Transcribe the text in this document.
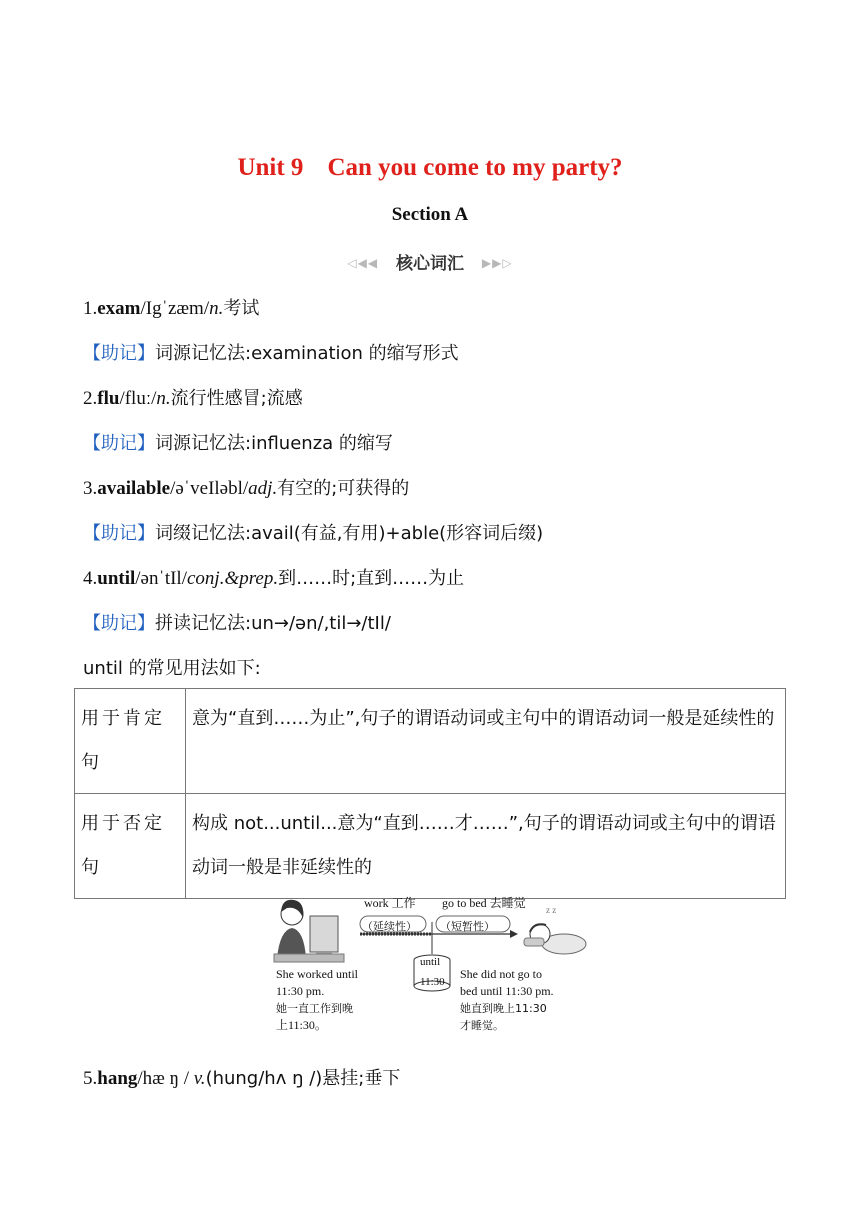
Unit 9 Can you come to my party?
Section A
◁◀◀ 核心词汇 ▶▶▷
1.exam/Igˈzæm/n.考试
【助记】词源记忆法:examination 的缩写形式
2.flu/fluː/n.流行性感冒;流感
【助记】词源记忆法:influenza 的缩写
3.available/əˈveIləbl/adj.有空的;可获得的
【助记】词缀记忆法:avail(有益,有用)+able(形容词后缀)
4.until/ənˈtIl/conj.&prep.到……时;直到……为止
【助记】拼读记忆法:un→/ən/,til→/tIl/
until 的常见用法如下:
用于肯定句	意为“直到……为止”,句子的谓语动词或主句中的谓语动词一般是延续性的
用于否定句	构成 not...until...意为“直到……才……”,句子的谓语动词或主句中的谓语动词一般是非延续性的
work 工作
（延续性）
go to bed 去睡觉
（短暂性）
z z
until
11:30
She worked until
11:30 pm.
她一直工作到晚
上11:30。
She did not go to
bed until 11:30 pm.
她直到晚上11:30
才睡觉。
5.hang/hæ ŋ / v.(hung/hʌ ŋ /)悬挂;垂下
